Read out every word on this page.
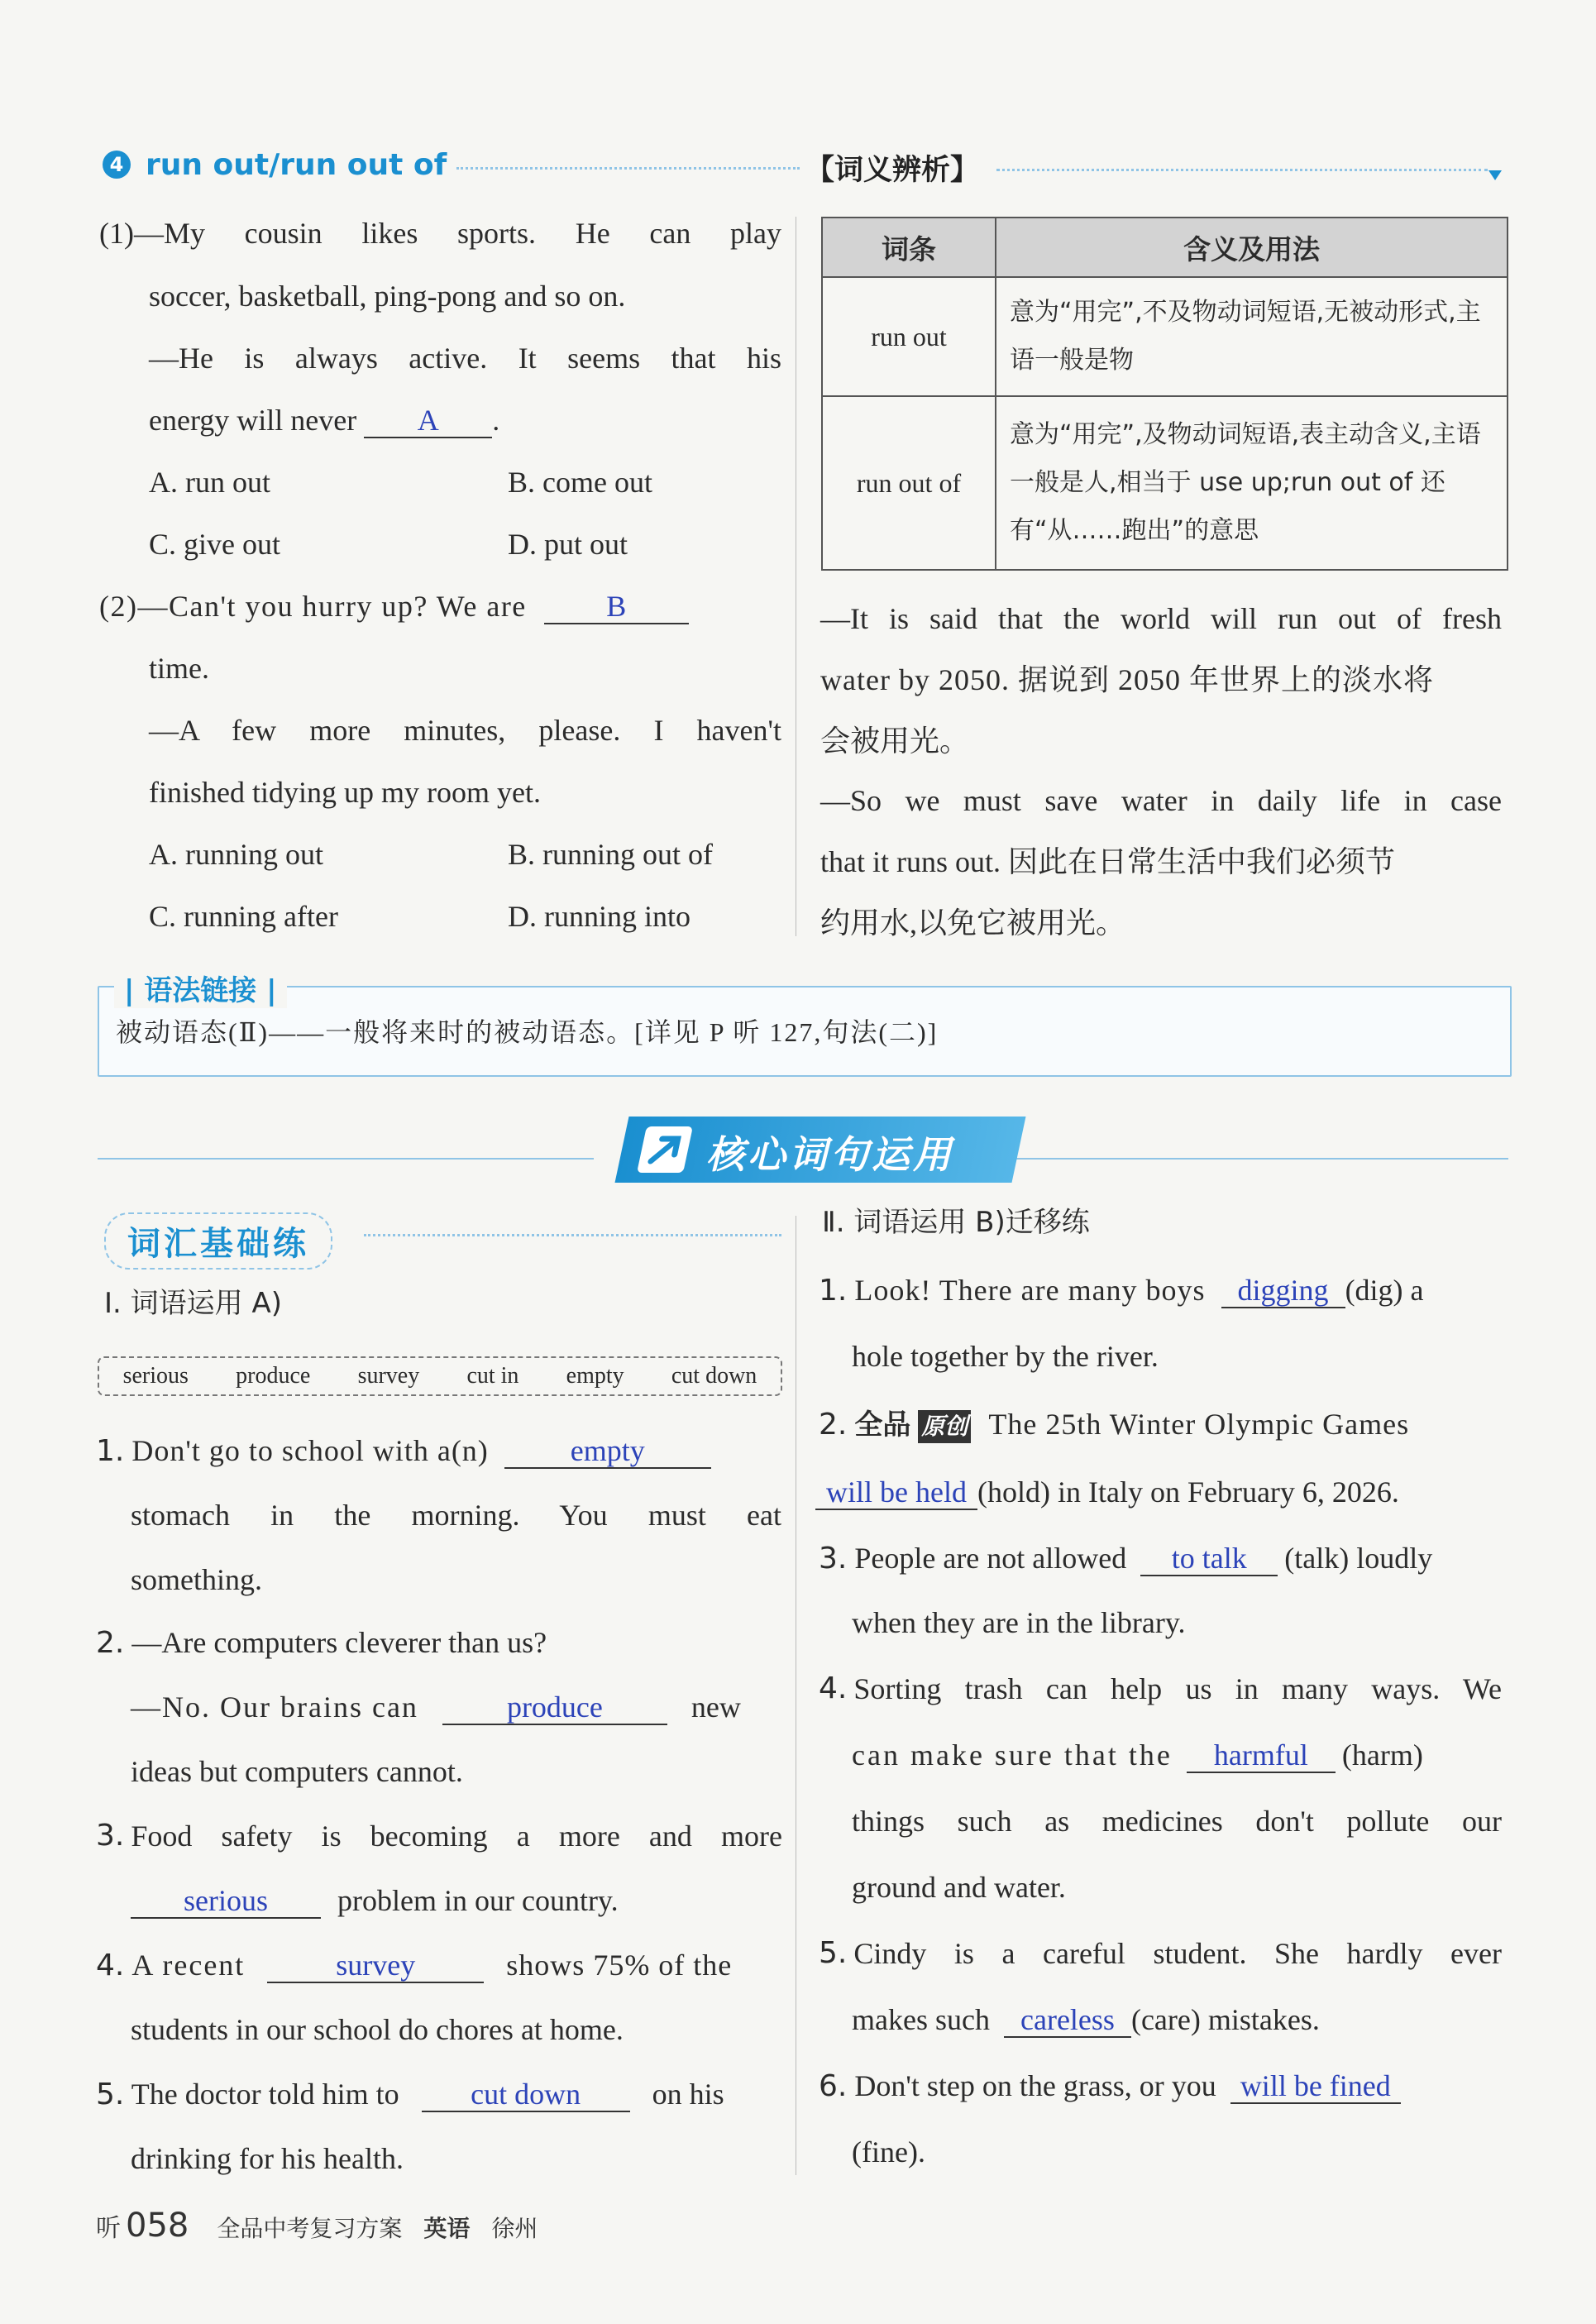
4 run out/run out of	【词义辨析】
(1)—My cousin likes sports. He can play
soccer, basketball, ping-pong and so on.
—He is always active. It seems that his
energy will never A .
A. run out	B. come out
C. give out	D. put out
(2)—Can't you hurry up? We are	B
time.
—A few more minutes, please. I haven't
finished tidying up my room yet.
A. running out	B. running out of
C. running after	D. running into
词条	含义及用法
run out	意为“用完”,不及物动词短语,无被动形式,主语一般是物
run out of	意为“用完”,及物动词短语,表主动含义,主语一般是人,相当于 use up;run out of 还有“从……跑出”的意思
—It is said that the world will run out of fresh
water by 2050. 据说到 2050 年世界上的淡水将
会被用光。
—So we must save water in daily life in case
that it runs out. 因此在日常生活中我们必须节
约用水,以免它被用光。
| 语法链接 |
被动语态(Ⅱ)——一般将来时的被动语态。[详见 P 听 127,句法(二)]
核心词句运用
词汇基础练
Ⅰ. 词语运用 A)
serious produce survey cut in empty cut down
1. Don't go to school with a(n)	empty
stomach in the morning. You must eat
something.
2. —Are computers cleverer than us?
—No. Our brains can	produce	new
ideas but computers cannot.
3. Food safety is becoming a more and more
serious problem in our country.
4. A recent	survey	shows 75% of the
students in our school do chores at home.
5. The doctor told him to cut down on his
drinking for his health.
Ⅱ. 词语运用 B)迁移练
1. Look! There are many boys digging (dig) a
hole together by the river.
2. 全品 原创 The 25th Winter Olympic Games
will be held (hold) in Italy on February 6, 2026.
3. People are not allowed to talk (talk) loudly
when they are in the library.
4. Sorting trash can help us in many ways. We
can make sure that the harmful (harm)
things such as medicines don't pollute our
ground and water.
5. Cindy is a careful student. She hardly ever
makes such careless (care) mistakes.
6. Don't step on the grass, or you will be fined
(fine).
听 058 全品中考复习方案 英语 徐州
